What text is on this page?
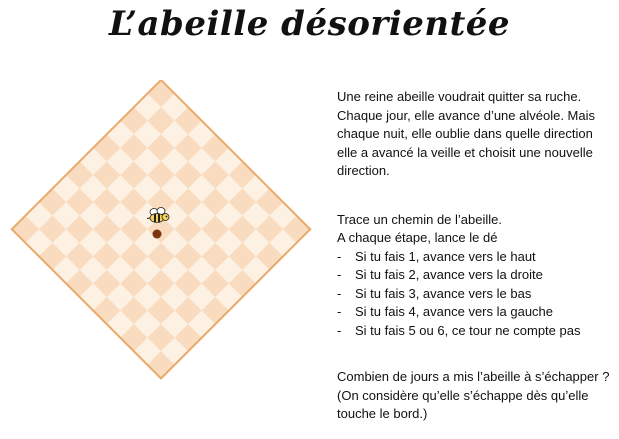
L’abeille désorientée

Une reine abeille voudrait quitter sa ruche. Chaque jour, elle avance d’une alvéole. Mais chaque nuit, elle oublie dans quelle direction elle a avancé la veille et choisit une nouvelle direction.

Trace un chemin de l’abeille.
A chaque étape, lance le dé
- Si tu fais 1, avance vers le haut
- Si tu fais 2, avance vers la droite
- Si tu fais 3, avance vers le bas
- Si tu fais 4, avance vers la gauche
- Si tu fais 5 ou 6, ce tour ne compte pas

Combien de jours a mis l’abeille à s’échapper ? (On considère qu’elle s’échappe dès qu’elle touche le bord.)
